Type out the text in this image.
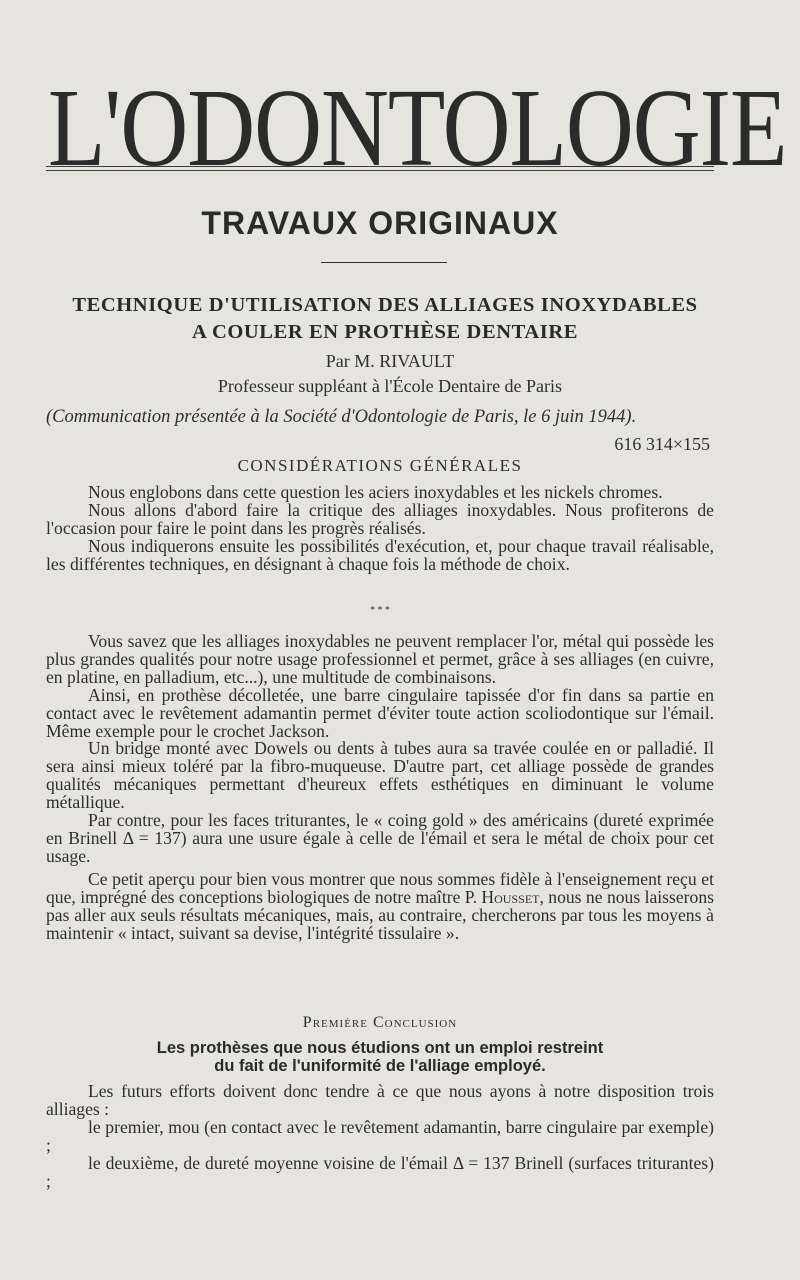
L'ODONTOLOGIE
TRAVAUX ORIGINAUX
TECHNIQUE D'UTILISATION DES ALLIAGES INOXYDABLES
A COULER EN PROTHÈSE DENTAIRE
Par M. RIVAULT
Professeur suppléant à l'École Dentaire de Paris
(Communication présentée à la Société d'Odontologie de Paris, le 6 juin 1944).
616 314×155
CONSIDÉRATIONS GÉNÉRALES

Nous englobons dans cette question les aciers inoxydables et les nickels chromes.

Nous allons d'abord faire la critique des alliages inoxydables. Nous profiterons de l'occasion pour faire le point dans les progrès réalisés.

Nous indiquerons ensuite les possibilités d'exécution, et, pour chaque travail réalisable, les différentes techniques, en désignant à chaque fois la méthode de choix.

* * *

Vous savez que les alliages inoxydables ne peuvent remplacer l'or, métal qui possède les plus grandes qualités pour notre usage professionnel et permet, grâce à ses alliages (en cuivre, en platine, en palladium, etc...), une multitude de combinaisons.

Ainsi, en prothèse décolletée, une barre cingulaire tapissée d'or fin dans sa partie en contact avec le revêtement adamantin permet d'éviter toute action scoliodontique sur l'émail. Même exemple pour le crochet Jackson.

Un bridge monté avec Dowels ou dents à tubes aura sa travée coulée en or palladié. Il sera ainsi mieux toléré par la fibro-muqueuse. D'autre part, cet alliage possède de grandes qualités mécaniques permettant d'heureux effets esthétiques en diminuant le volume métallique.

Par contre, pour les faces triturantes, le « coing gold » des américains (dureté exprimée en Brinell Δ = 137) aura une usure égale à celle de l'émail et sera le métal de choix pour cet usage.

Ce petit aperçu pour bien vous montrer que nous sommes fidèle à l'enseignement reçu et que, imprégné des conceptions biologiques de notre maître P. Housset, nous ne nous laisserons pas aller aux seuls résultats mécaniques, mais, au contraire, chercherons par tous les moyens à maintenir « intact, suivant sa devise, l'intégrité tissulaire ».

Première Conclusion
Les prothèses que nous étudions ont un emploi restreint
du fait de l'uniformité de l'alliage employé.

Les futurs efforts doivent donc tendre à ce que nous ayons à notre disposition trois alliages :

le premier, mou (en contact avec le revêtement adamantin, barre cingulaire par exemple) ;

le deuxième, de dureté moyenne voisine de l'émail Δ = 137 Brinell (surfaces triturantes) ;
